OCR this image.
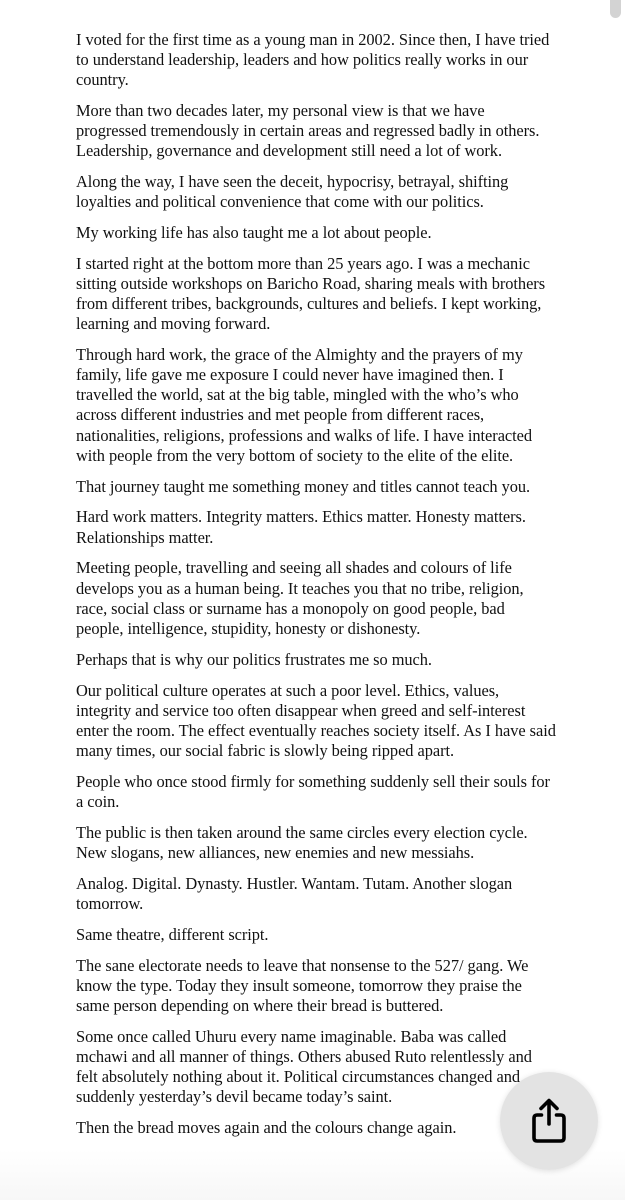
I voted for the first time as a young man in 2002. Since then, I have tried to understand leadership, leaders and how politics really works in our country.

More than two decades later, my personal view is that we have progressed tremendously in certain areas and regressed badly in others. Leadership, governance and development still need a lot of work.

Along the way, I have seen the deceit, hypocrisy, betrayal, shifting loyalties and political convenience that come with our politics.

My working life has also taught me a lot about people.

I started right at the bottom more than 25 years ago. I was a mechanic sitting outside workshops on Baricho Road, sharing meals with brothers from different tribes, backgrounds, cultures and beliefs. I kept working, learning and moving forward.

Through hard work, the grace of the Almighty and the prayers of my family, life gave me exposure I could never have imagined then. I travelled the world, sat at the big table, mingled with the who’s who across different industries and met people from different races, nationalities, religions, professions and walks of life. I have interacted with people from the very bottom of society to the elite of the elite.

That journey taught me something money and titles cannot teach you.

Hard work matters. Integrity matters. Ethics matter. Honesty matters. Relationships matter.

Meeting people, travelling and seeing all shades and colours of life develops you as a human being. It teaches you that no tribe, religion, race, social class or surname has a monopoly on good people, bad people, intelligence, stupidity, honesty or dishonesty.

Perhaps that is why our politics frustrates me so much.

Our political culture operates at such a poor level. Ethics, values, integrity and service too often disappear when greed and self-interest enter the room. The effect eventually reaches society itself. As I have said many times, our social fabric is slowly being ripped apart.

People who once stood firmly for something suddenly sell their souls for a coin.

The public is then taken around the same circles every election cycle. New slogans, new alliances, new enemies and new messiahs.

Analog. Digital. Dynasty. Hustler. Wantam. Tutam. Another slogan tomorrow.

Same theatre, different script.

The sane electorate needs to leave that nonsense to the 527/ gang. We know the type. Today they insult someone, tomorrow they praise the same person depending on where their bread is buttered.

Some once called Uhuru every name imaginable. Baba was called mchawi and all manner of things. Others abused Ruto relentlessly and felt absolutely nothing about it. Political circumstances changed and suddenly yesterday’s devil became today’s saint.

Then the bread moves again and the colours change again.
